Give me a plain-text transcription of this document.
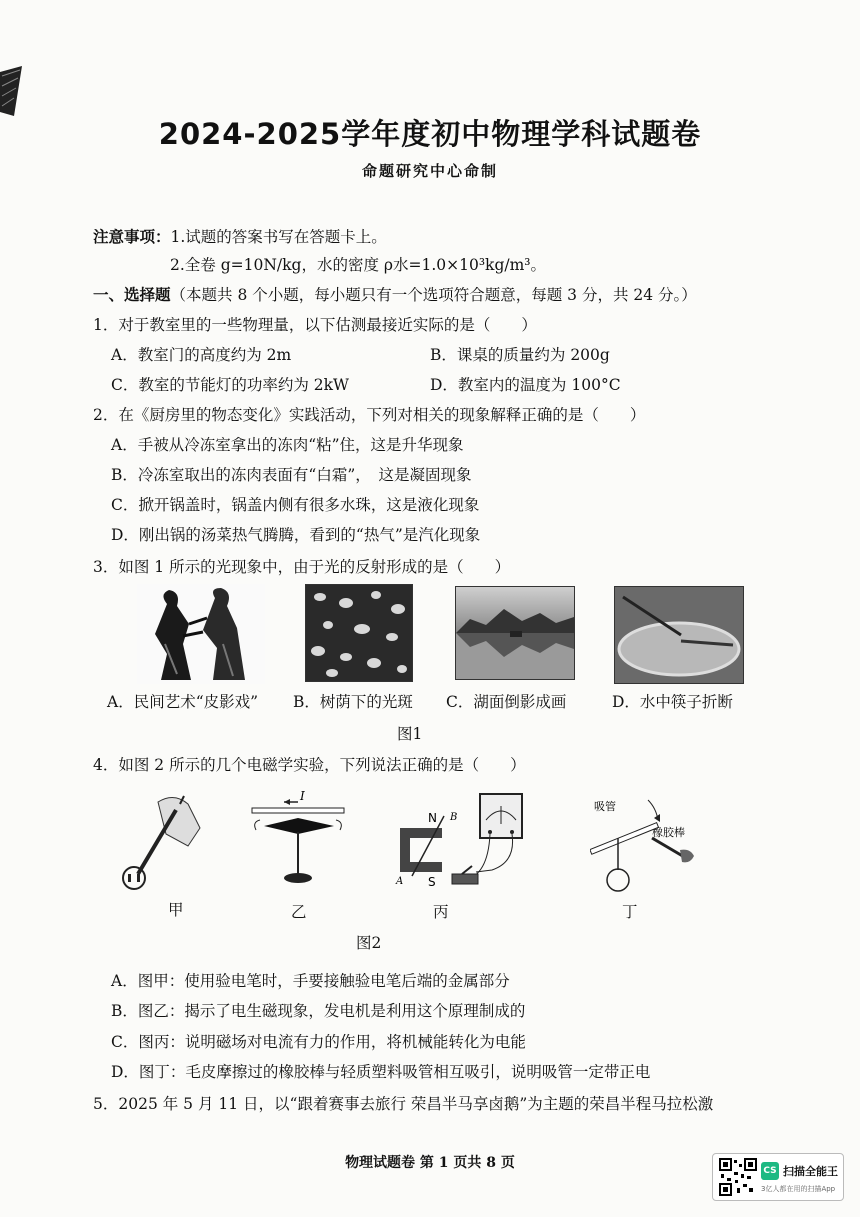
2024-2025学年度初中物理学科试题卷
命题研究中心命制
注意事项：1.试题的答案书写在答题卡上。
2.全卷 g=10N/kg，水的密度 ρ水=1.0×10³kg/m³。
一、选择题（本题共 8 个小题，每小题只有一个选项符合题意，每题 3 分，共 24 分。）
1．对于教室里的一些物理量，以下估测最接近实际的是（　　）
A．教室门的高度约为 2m	B．课桌的质量约为 200g
C．教室的节能灯的功率约为 2kW	D．教室内的温度为 100°C
2．在《厨房里的物态变化》实践活动，下列对相关的现象解释正确的是（　　）
A．手被从冷冻室拿出的冻肉“粘”住，这是升华现象
B．冷冻室取出的冻肉表面有“白霜”，　这是凝固现象
C．掀开锅盖时，锅盖内侧有很多水珠，这是液化现象
D．刚出锅的汤菜热气腾腾，看到的“热气”是汽化现象
3．如图 1 所示的光现象中，由于光的反射形成的是（　　）
A．民间艺术“皮影戏” B．树荫下的光斑 C．湖面倒影成画	D．水中筷子折断
图1
4．如图 2 所示的几个电磁学实验，下列说法正确的是（　　）
I
N B
A S
吸管
橡胶棒
甲	乙	丙	丁
图2
A．图甲：使用验电笔时，手要接触验电笔后端的金属部分
B．图乙：揭示了电生磁现象，发电机是利用这个原理制成的
C．图丙：说明磁场对电流有力的作用，将机械能转化为电能
D．图丁：毛皮摩擦过的橡胶棒与轻质塑料吸管相互吸引，说明吸管一定带正电
5．2025 年 5 月 11 日，以“跟着赛事去旅行 荣昌半马享卤鹅”为主题的荣昌半程马拉松激
物理试题卷 第 1 页共 8 页	CS 扫描全能王
3亿人都在用的扫描App
